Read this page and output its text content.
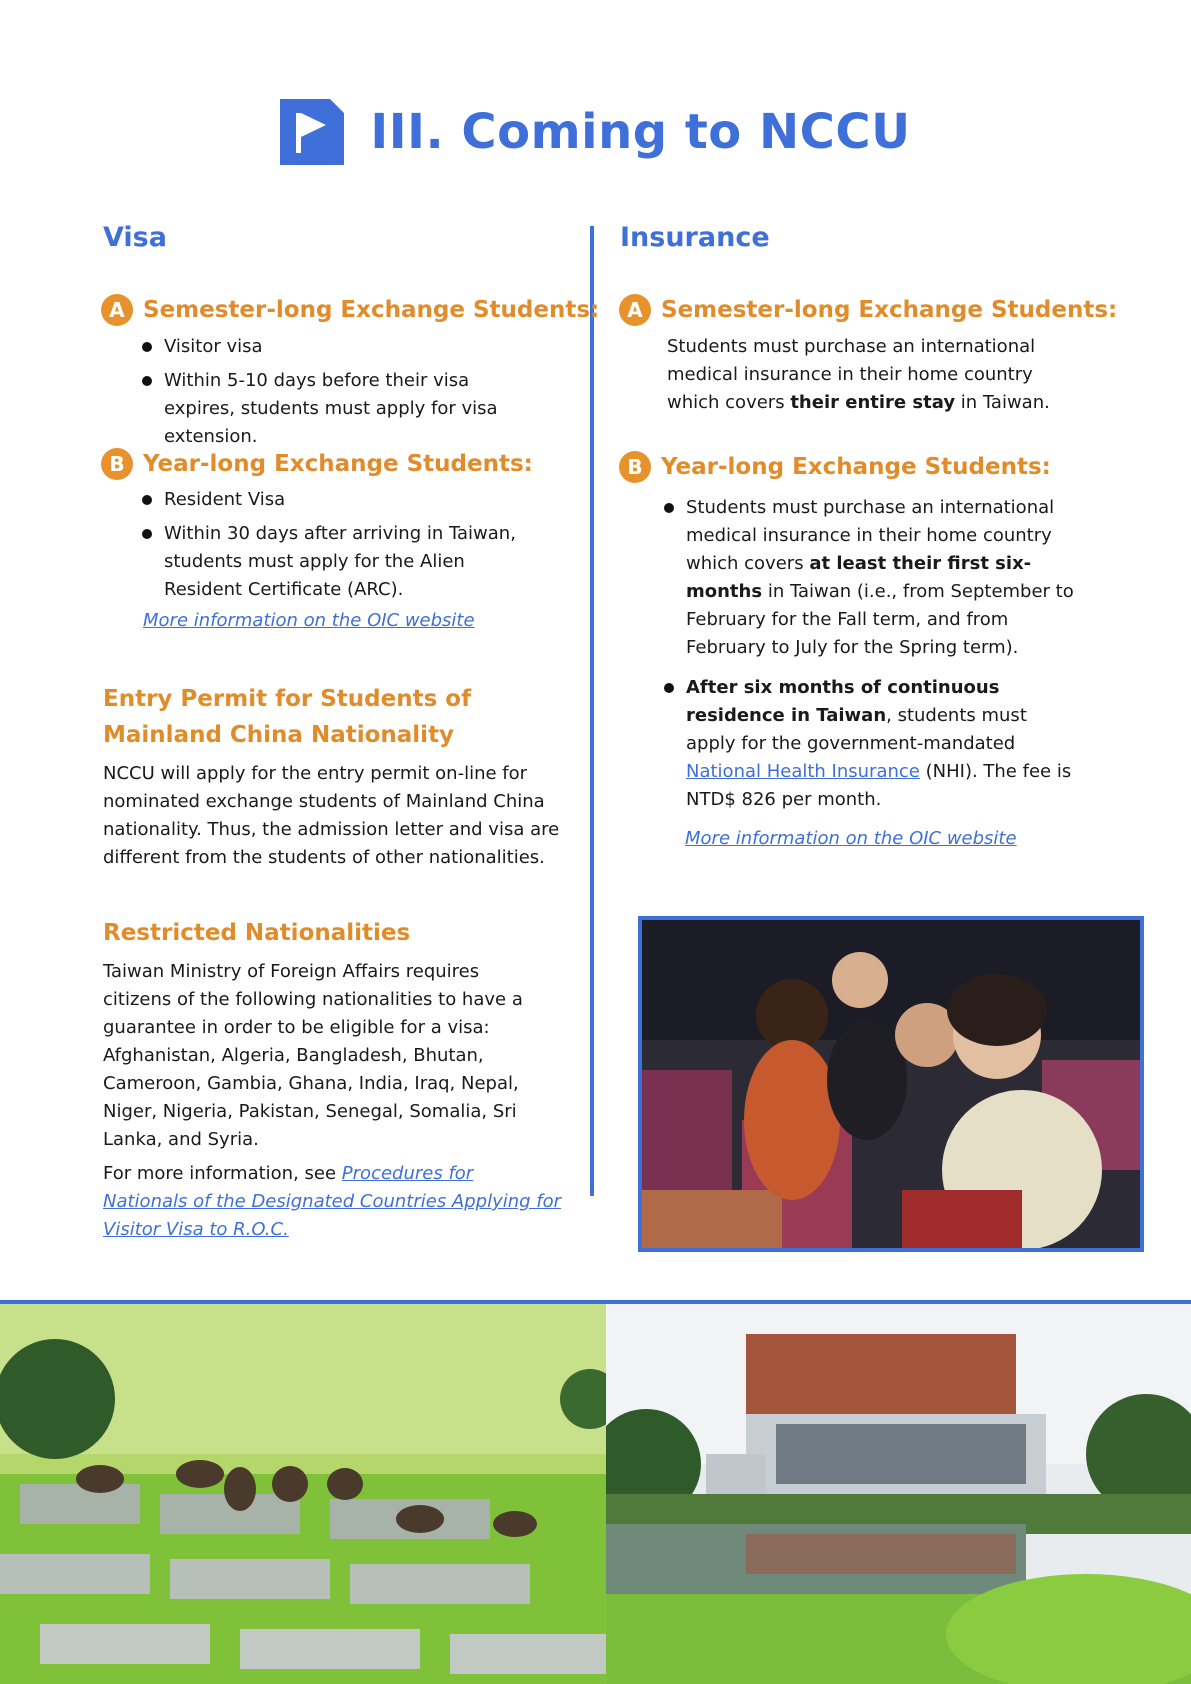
III. Coming to NCCU
Visa
A Semester-long Exchange Students:
Visitor visa
Within 5-10 days before their visa expires, students must apply for visa extension.
B Year-long Exchange Students:
Resident Visa
Within 30 days after arriving in Taiwan, students must apply for the Alien Resident Certificate (ARC).
More information on the OIC website
Entry Permit for Students of Mainland China Nationality
NCCU will apply for the entry permit on-line for nominated exchange students of Mainland China nationality. Thus, the admission letter and visa are different from the students of other nationalities.
Restricted Nationalities
Taiwan Ministry of Foreign Affairs requires citizens of the following nationalities to have a guarantee in order to be eligible for a visa:
Afghanistan, Algeria, Bangladesh, Bhutan, Cameroon, Gambia, Ghana, India, Iraq, Nepal, Niger, Nigeria, Pakistan, Senegal, Somalia, Sri Lanka, and Syria.
For more information, see Procedures for Nationals of the Designated Countries Applying for Visitor Visa to R.O.C.
Insurance
A Semester-long Exchange Students:
Students must purchase an international medical insurance in their home country which covers their entire stay in Taiwan.
B Year-long Exchange Students:
Students must purchase an international medical insurance in their home country which covers at least their first six-months in Taiwan (i.e., from September to February for the Fall term, and from February to July for the Spring term).
After six months of continuous residence in Taiwan, students must apply for the government-mandated National Health Insurance (NHI). The fee is NTD$ 826 per month.
More information on the OIC website
